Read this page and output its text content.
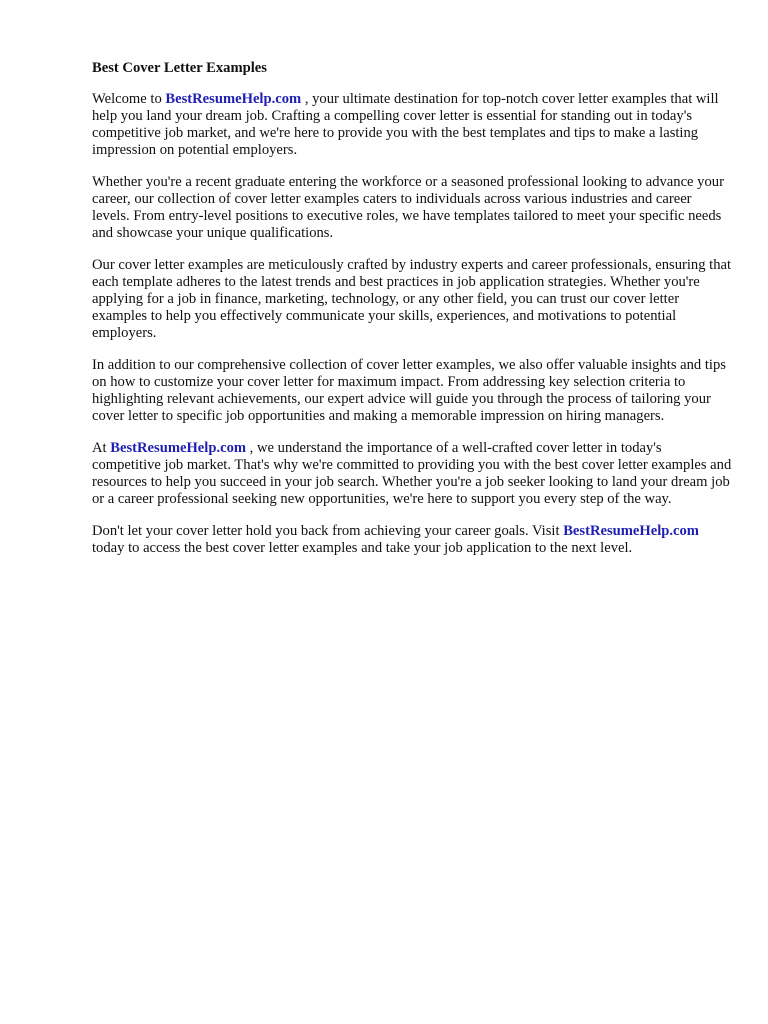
Best Cover Letter Examples

Welcome to BestResumeHelp.com , your ultimate destination for top-notch cover letter examples that will help you land your dream job. Crafting a compelling cover letter is essential for standing out in today's competitive job market, and we're here to provide you with the best templates and tips to make a lasting impression on potential employers.

Whether you're a recent graduate entering the workforce or a seasoned professional looking to advance your career, our collection of cover letter examples caters to individuals across various industries and career levels. From entry-level positions to executive roles, we have templates tailored to meet your specific needs and showcase your unique qualifications.

Our cover letter examples are meticulously crafted by industry experts and career professionals, ensuring that each template adheres to the latest trends and best practices in job application strategies. Whether you're applying for a job in finance, marketing, technology, or any other field, you can trust our cover letter examples to help you effectively communicate your skills, experiences, and motivations to potential employers.

In addition to our comprehensive collection of cover letter examples, we also offer valuable insights and tips on how to customize your cover letter for maximum impact. From addressing key selection criteria to highlighting relevant achievements, our expert advice will guide you through the process of tailoring your cover letter to specific job opportunities and making a memorable impression on hiring managers.

At BestResumeHelp.com , we understand the importance of a well-crafted cover letter in today's competitive job market. That's why we're committed to providing you with the best cover letter examples and resources to help you succeed in your job search. Whether you're a job seeker looking to land your dream job or a career professional seeking new opportunities, we're here to support you every step of the way.

Don't let your cover letter hold you back from achieving your career goals. Visit BestResumeHelp.com today to access the best cover letter examples and take your job application to the next level.
